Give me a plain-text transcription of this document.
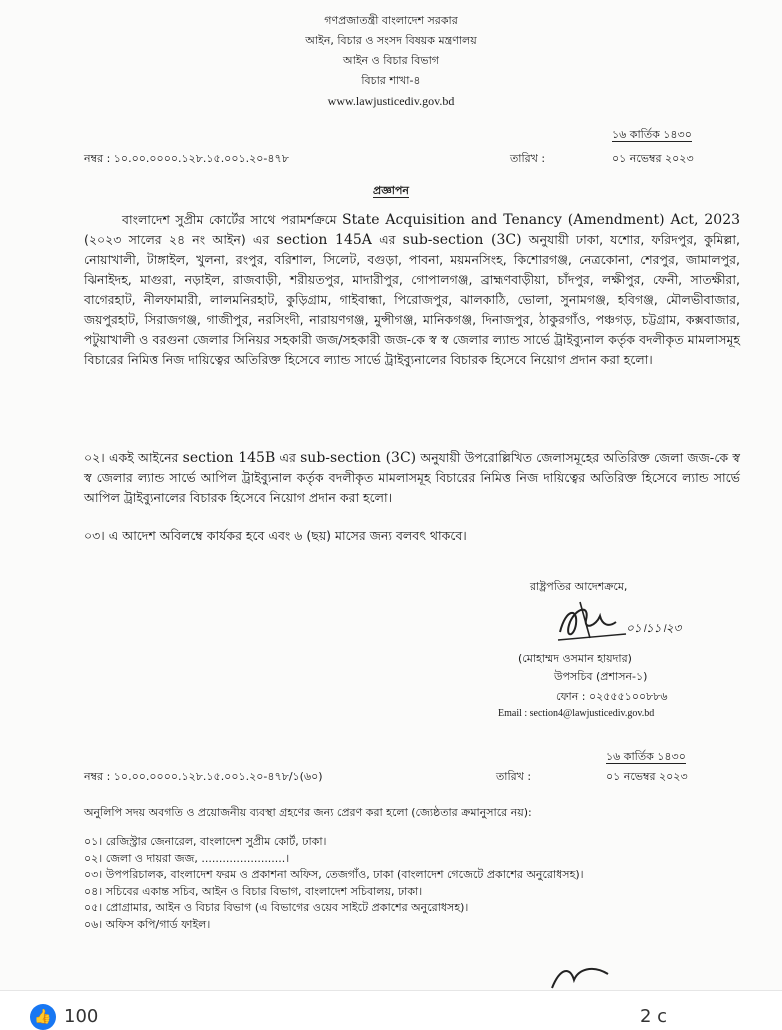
গণপ্রজাতন্ত্রী বাংলাদেশ সরকার
আইন, বিচার ও সংসদ বিষয়ক মন্ত্রণালয়
আইন ও বিচার বিভাগ
বিচার শাখা-৪
www.lawjusticediv.gov.bd
১৬ কার্তিক ১৪৩০
নম্বর : ১০.০০.০০০০.১২৮.১৫.০০১.২০-৪৭৮	তারিখ :	০১ নভেম্বর ২০২৩
প্রজ্ঞাপন
বাংলাদেশ সুপ্রীম কোর্টের সাথে পরামর্শক্রমে State Acquisition and Tenancy (Amendment) Act, 2023 (২০২৩ সালের ২৪ নং আইন) এর section 145A এর sub-section (3C) অনুযায়ী ঢাকা, যশোর, ফরিদপুর, কুমিল্লা, নোয়াখালী, টাঙ্গাইল, খুলনা, রংপুর, বরিশাল, সিলেট, বগুড়া, পাবনা, ময়মনসিংহ, কিশোরগঞ্জ, নেত্রকোনা, শেরপুর, জামালপুর, ঝিনাইদহ, মাগুরা, নড়াইল, রাজবাড়ী, শরীয়তপুর, মাদারীপুর, গোপালগঞ্জ, ব্রাহ্মণবাড়ীয়া, চাঁদপুর, লক্ষীপুর, ফেনী, সাতক্ষীরা, বাগেরহাট, নীলফামারী, লালমনিরহাট, কুড়িগ্রাম, গাইবান্ধা, পিরোজপুর, ঝালকাঠি, ভোলা, সুনামগঞ্জ, হবিগঞ্জ, মৌলভীবাজার, জয়পুরহাট, সিরাজগঞ্জ, গাজীপুর, নরসিংদী, নারায়ণগঞ্জ, মুন্সীগঞ্জ, মানিকগঞ্জ, দিনাজপুর, ঠাকুরগাঁও, পঞ্চগড়, চট্টগ্রাম, কক্সবাজার, পটুয়াখালী ও বরগুনা জেলার সিনিয়র সহকারী জজ/সহকারী জজ-কে স্ব স্ব জেলার ল্যান্ড সার্ভে ট্রাইব্যুনাল কর্তৃক বদলীকৃত মামলাসমূহ বিচারের নিমিত্ত নিজ দায়িত্বের অতিরিক্ত হিসেবে ল্যান্ড সার্ভে ট্রাইব্যুনালের বিচারক হিসেবে নিয়োগ প্রদান করা হলো।
০২। একই আইনের section 145B এর sub-section (3C) অনুযায়ী উপরোল্লিখিত জেলাসমূহের অতিরিক্ত জেলা জজ-কে স্ব স্ব জেলার ল্যান্ড সার্ভে আপিল ট্রাইব্যুনাল কর্তৃক বদলীকৃত মামলাসমূহ বিচারের নিমিত্ত নিজ দায়িত্বের অতিরিক্ত হিসেবে ল্যান্ড সার্ভে আপিল ট্রাইব্যুনালের বিচারক হিসেবে নিয়োগ প্রদান করা হলো।
০৩। এ আদেশ অবিলম্বে কার্যকর হবে এবং ৬ (ছয়) মাসের জন্য বলবৎ থাকবে।
রাষ্ট্রপতির আদেশক্রমে,
০১।১১।২৩
(মোহাম্মদ ওসমান হায়দার)
উপসচিব (প্রশাসন-১)
ফোন : ০২৫৫৫১০০৮৮৬
Email : section4@lawjusticediv.gov.bd
১৬ কার্তিক ১৪৩০
নম্বর : ১০.০০.০০০০.১২৮.১৫.০০১.২০-৪৭৮/১(৬০)	তারিখ :	০১ নভেম্বর ২০২৩
অনুলিপি সদয় অবগতি ও প্রয়োজনীয় ব্যবস্থা গ্রহণের জন্য প্রেরণ করা হলো (জ্যেষ্ঠতার ক্রমানুসারে নয়):
০১। রেজিস্ট্রার জেনারেল, বাংলাদেশ সুপ্রীম কোর্ট, ঢাকা।
০২। জেলা ও দায়রা জজ, ........................।
০৩। উপপরিচালক, বাংলাদেশ ফরম ও প্রকাশনা অফিস, তেজগাঁও, ঢাকা (বাংলাদেশ গেজেটে প্রকাশের অনুরোধসহ)।
০৪। সচিবের একান্ত সচিব, আইন ও বিচার বিভাগ, বাংলাদেশ সচিবালয়, ঢাকা।
০৫। প্রোগ্রামার, আইন ও বিচার বিভাগ (এ বিভাগের ওয়েব সাইটে প্রকাশের অনুরোধসহ)।
০৬। অফিস কপি/গার্ড ফাইল।
👍 100	2 c
